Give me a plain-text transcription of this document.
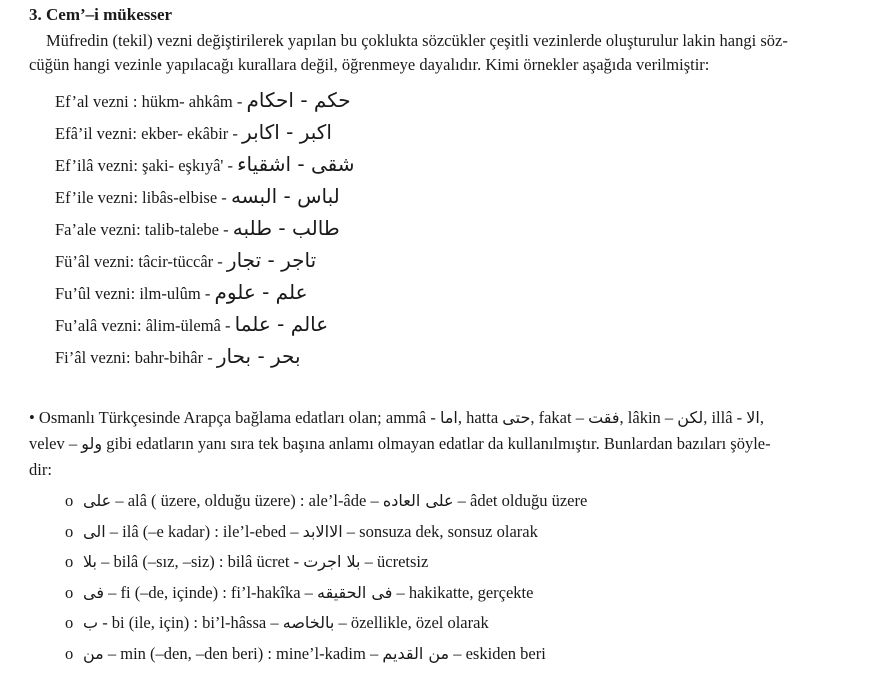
3. Cem’–i mükesser
Müfredin (tekil) vezni değiştirilerek yapılan bu çoklukta sözcükler çeşitli vezinlerde oluşturulur lakin hangi söz-
cüğün hangi vezinle yapılacağı kurallara değil, öğrenmeye dayalıdır. Kimi örnekler aşağıda verilmiştir:
Ef’al vezni : hükm- ahkâm - حكم - احكام
Efâ’il vezni: ekber- ekâbir - اكبر - اكابر
Ef’ilâ vezni: şaki- eşkıyâ' - شقى - اشقياء
Ef’ile vezni: libâs-elbise - لباس - البسه
Fa’ale vezni: talib-talebe - طالب - طلبه
Fü’âl vezni: tâcir-tüccâr - تاجر - تجار
Fu’ûl vezni: ilm-ulûm - علم - علوم
Fu’alâ vezni: âlim-ülemâ - عالم - علما
Fi’âl vezni: bahr-bihâr - بحر - بحار
• Osmanlı Türkçesinde Arapça bağlama edatları olan; ammâ - اما, hatta حتى, fakat – فقت, lâkin – لكن, illâ - الا,
velev – ولو gibi edatların yanı sıra tek başına anlamı olmayan edatlar da kullanılmıştır. Bunlardan bazıları şöyle-
dir:
o على – alâ ( üzere, olduğu üzere) : ale’l-âde – على العاده – âdet olduğu üzere
o الى – ilâ (–e kadar) : ile’l-ebed – الاالابد – sonsuza dek, sonsuz olarak
o بلا – bilâ (–sız, –siz) : bilâ ücret - بلا اجرت – ücretsiz
o فى – fi (–de, içinde) : fi’l-hakîka – فى الحقيقه – hakikatte, gerçekte
o ب - bi (ile, için) : bi’l-hâssa – بالخاصه – özellikle, özel olarak
o من – min (–den, –den beri) : mine’l-kadim – من القديم – eskiden beri
